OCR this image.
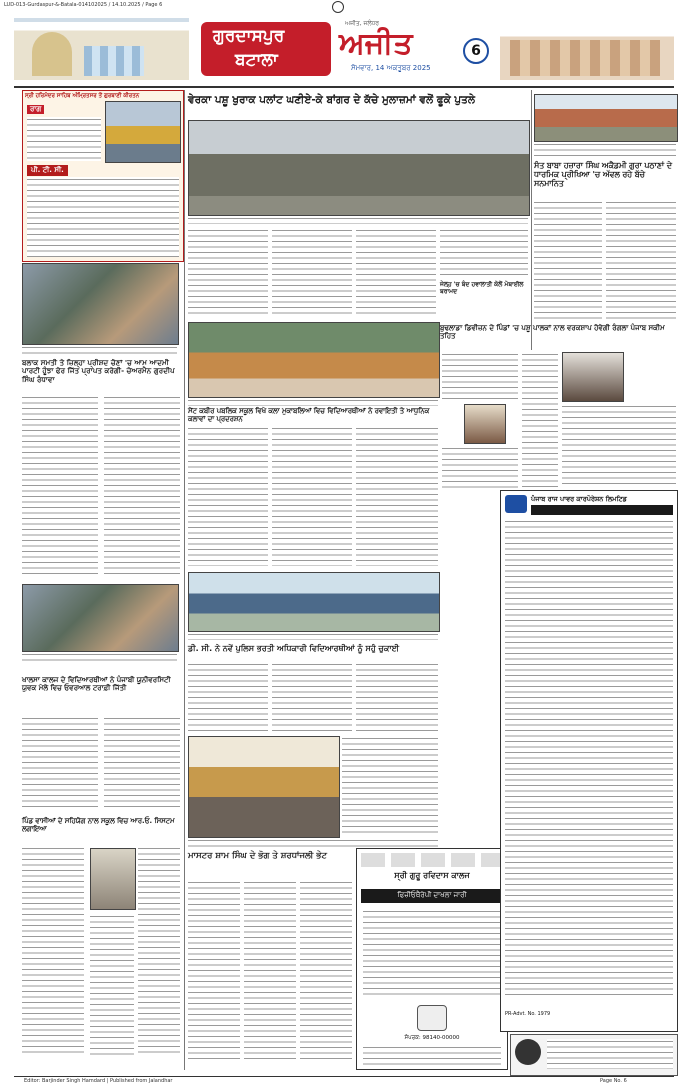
LUD-013-Gurdaspur-&-Batala-014102025 / 14.10.2025 / Page 6
ਗੁਰਦਾਸਪੁਰ
ਬਟਾਲਾ
ਅਜੀਤ, ਜਲੰਧਰ
ਅਜੀਤ
ਸੋਮਵਾਰ, 14 ਅਕਤੂਬਰ 2025
6
ਸ੍ਰੀ ਹਰਿਮੰਦਰ ਸਾਹਿਬ ਅੰਮ੍ਰਿਤਸਰ ਤੋਂ ਗੁਰਬਾਣੀ ਕੀਰਤਨ
ਰਾਗ
ਪੀ. ਟੀ. ਸੀ.
ਬਲਾਕ ਸਮਤੀ ਤੇ ਜ਼ਿਲ੍ਹਾ ਪ੍ਰੀਸ਼ਦ ਚੋਣਾਂ 'ਚ ਆਮ ਆਦਮੀ ਪਾਰਟੀ ਹੂੰਝਾ ਫੇਰ ਜਿੱਤ ਪ੍ਰਾਪਤ ਕਰੇਗੀ- ਚੇਅਰਮੈਨ ਗੁਰਦੀਪ ਸਿੰਘ ਰੰਧਾਵਾ
ਖਾਲਸਾ ਕਾਲਜ ਦੇ ਵਿਦਿਆਰਥੀਆਂ ਨੇ ਪੰਜਾਬੀ ਯੂਨੀਵਰਸਿਟੀ ਯੁਵਕ ਮੇਲੇ ਵਿਚ ਓਵਰਆਲ ਟਰਾਫ਼ੀ ਜਿੱਤੀ
ਪਿੰਡ ਵਾਸੀਆਂ ਦੇ ਸਹਿਯੋਗ ਨਾਲ ਸਕੂਲ ਵਿਚ ਆਰ.ਓ. ਸਿਸਟਮ ਲਗਾਇਆ
ਵੇਰਕਾ ਪਸ਼ੂ ਖੁਰਾਕ ਪਲਾਂਟ ਘਣੀਏ-ਕੇ ਬਾਂਗਰ ਦੇ ਕੱਚੇ ਮੁਲਾਜ਼ਮਾਂ ਵਲੋਂ ਫੂਕੇ ਪੁਤਲੇ
ਜੇਲ੍ਹ 'ਚ ਬੰਦ ਹਵਾਲਾਤੀ ਕੋਲੋਂ ਮੋਬਾਈਲ ਬਰਾਮਦ
ਸੇਂਟ ਕਬੀਰ ਪਬਲਿਕ ਸਕੂਲ ਵਿਖੇ ਕਲਾ ਮੁਕਾਬਲਿਆਂ ਵਿਚ ਵਿਦਿਆਰਥੀਆਂ ਨੇ ਰਵਾਇਤੀ ਤੇ ਆਧੁਨਿਕ ਕਲਾਵਾਂ ਦਾ ਪ੍ਰਦਰਸ਼ਨ
ਡੀ. ਸੀ. ਨੇ ਨਵੇਂ ਪੁਲਿਸ ਭਰਤੀ ਅਧਿਕਾਰੀ ਵਿਦਿਆਰਥੀਆਂ ਨੂੰ ਸਹੁੰ ਚੁਕਾਈ
ਮਾਸਟਰ ਸ਼ਾਮ ਸਿੰਘ ਦੇ ਭੋਗ ਤੇ ਸ਼ਰਧਾਂਜਲੀ ਭੇਟ
ਸ੍ਰੀ ਗੁਰੂ ਰਵਿਦਾਸ ਕਾਲਜ
ਫਿਜ਼ੀਓਥੈਰੇਪੀ ਦਾਖਲਾ ਜਾਰੀ
ਸੰਪਰਕ: 98140-00000
ਸੰਤ ਬਾਬਾ ਹਜ਼ਾਰਾ ਸਿੰਘ ਅਕੈਡਮੀ ਗੁਰਾ ਪਠਾਣਾਂ ਦੇ ਧਾਰਮਿਕ ਪ੍ਰੀਖਿਆ 'ਚ ਅੱਵਲ ਰਹੇ ਬੱਚੇ ਸਨਮਾਨਿਤ
ਬੁਢਲਾਡਾ ਡਿਵੀਜ਼ਨ ਦੇ ਪਿੰਡਾਂ 'ਚ ਪਸ਼ੂ ਪਾਲਕਾਂ ਨਾਲ ਵਰਕਸ਼ਾਪ ਹੋਵੇਗੀ ਰੰਗਲਾ ਪੰਜਾਬ ਸਕੀਮ ਤਹਿਤ
ਪੰਜਾਬ ਰਾਜ ਪਾਵਰ ਕਾਰਪੋਰੇਸ਼ਨ ਲਿਮਟਿਡ
PR-Advt. No. 1979
Editor: Barjinder Singh Hamdard | Published from Jalandhar	Page No. 6
